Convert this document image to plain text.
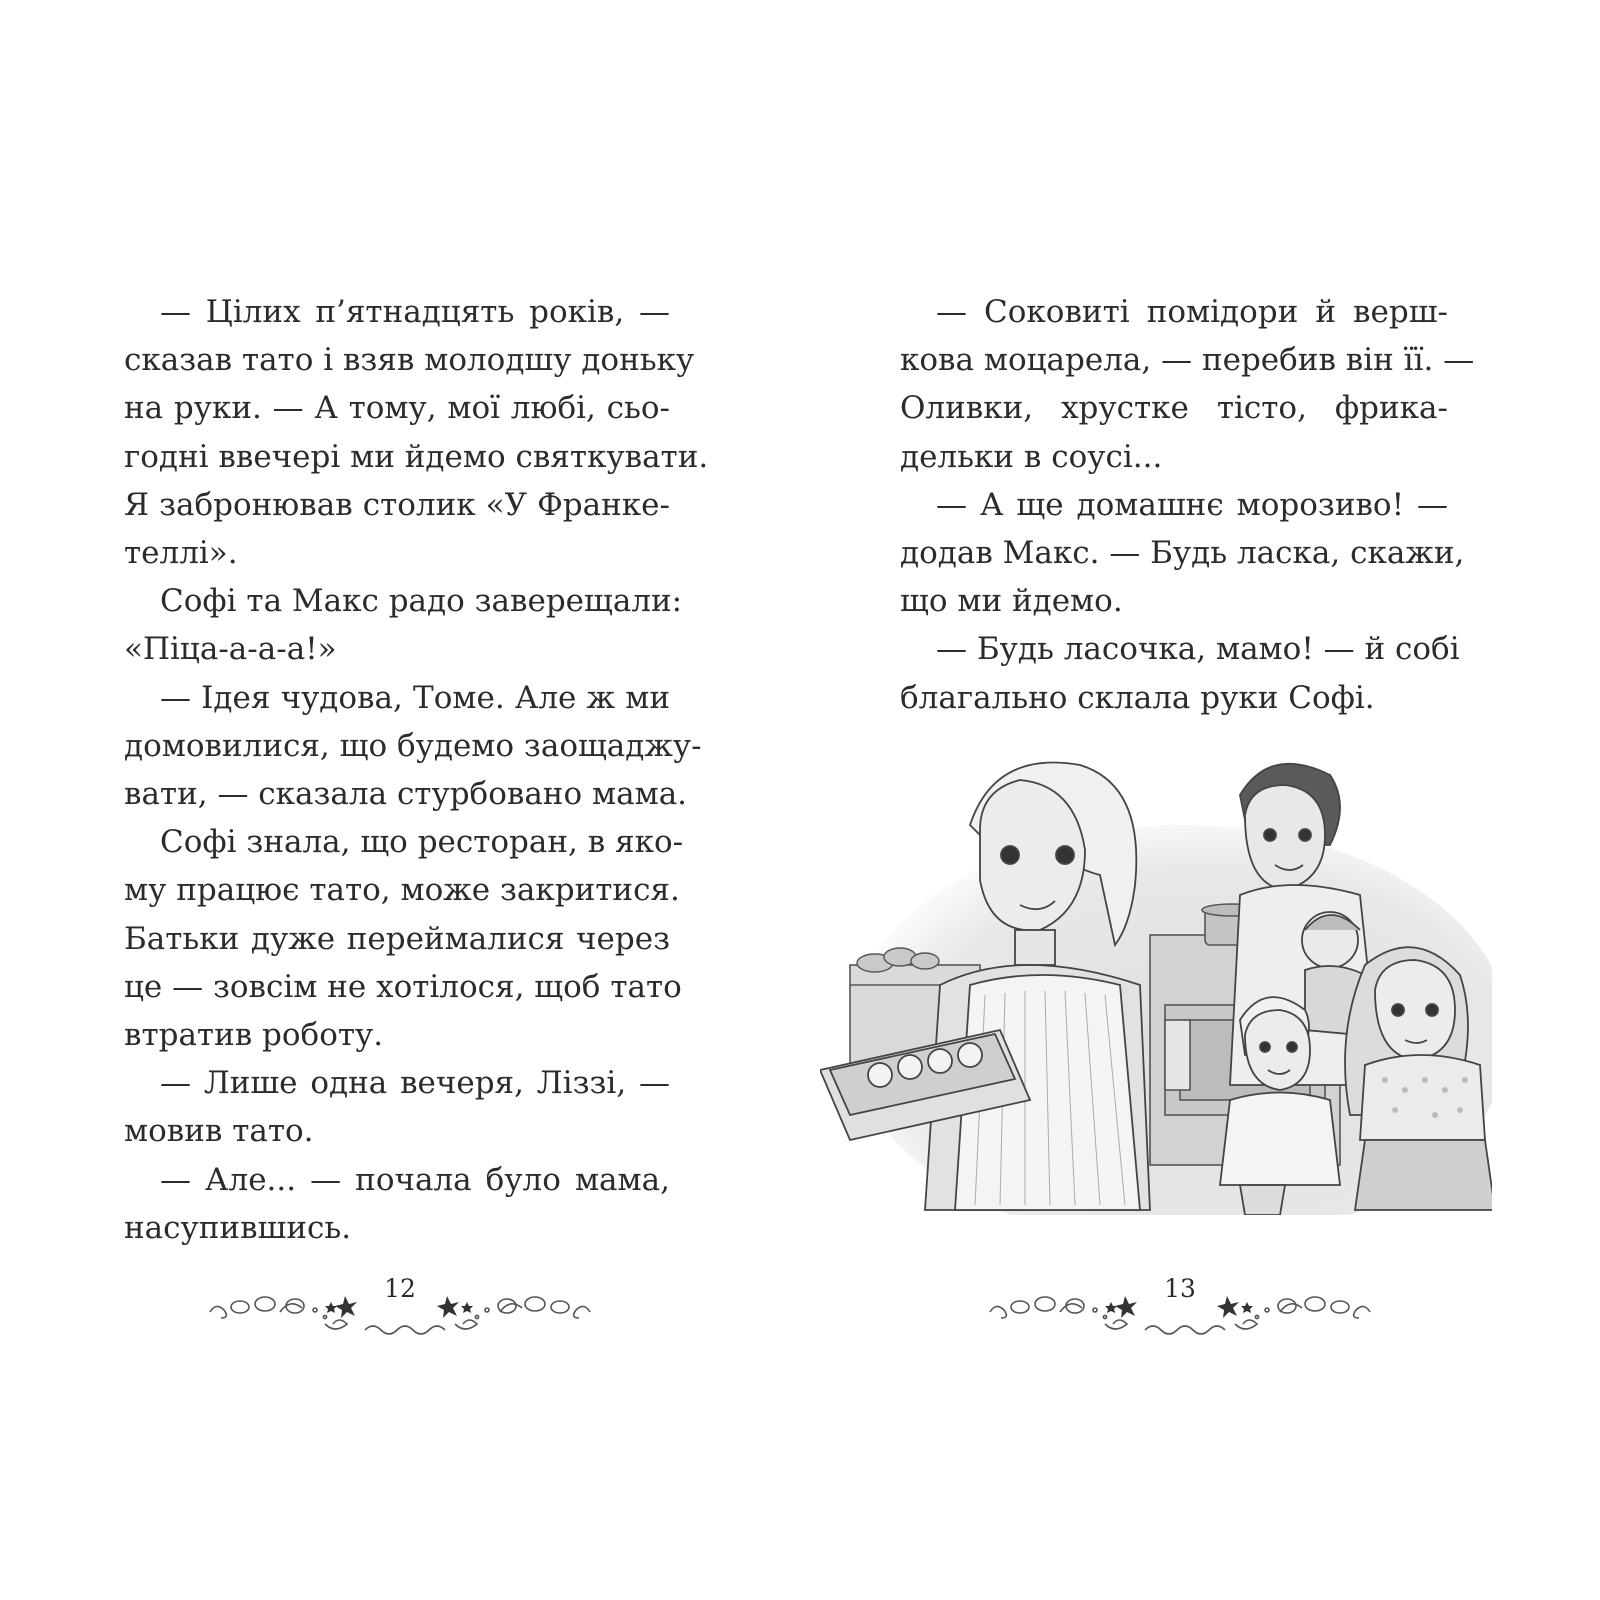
— Цілих п’ятнадцять років, —
сказав тато і взяв молодшу доньку
на руки. — А тому, мої любі, сьо-
годні ввечері ми йдемо святкувати.
Я забронював столик «У Франке-
теллі».
Софі та Макс радо заверещали:
«Піца-а-а-а!»
— Ідея чудова, Томе. Але ж ми
домовилися, що будемо заощаджу-
вати, — сказала стурбовано мама.
Софі знала, що ресторан, в яко-
му працює тато, може закритися.
Батьки дуже переймалися через
це — зовсім не хотілося, щоб тато
втратив роботу.
— Лише одна вечеря, Ліззі, —
мовив тато.
— Але... — почала було мама,
насупившись.
12
— Соковиті помідори й верш-
кова моцарела, — перебив він її. —
Оливки, хрустке тісто, фрика-
дельки в соусі...
— А ще домашнє морозиво! —
додав Макс. — Будь ласка, скажи,
що ми йдемо.
— Будь ласочка, мамо! — й собі
благально склала руки Софі.
13
